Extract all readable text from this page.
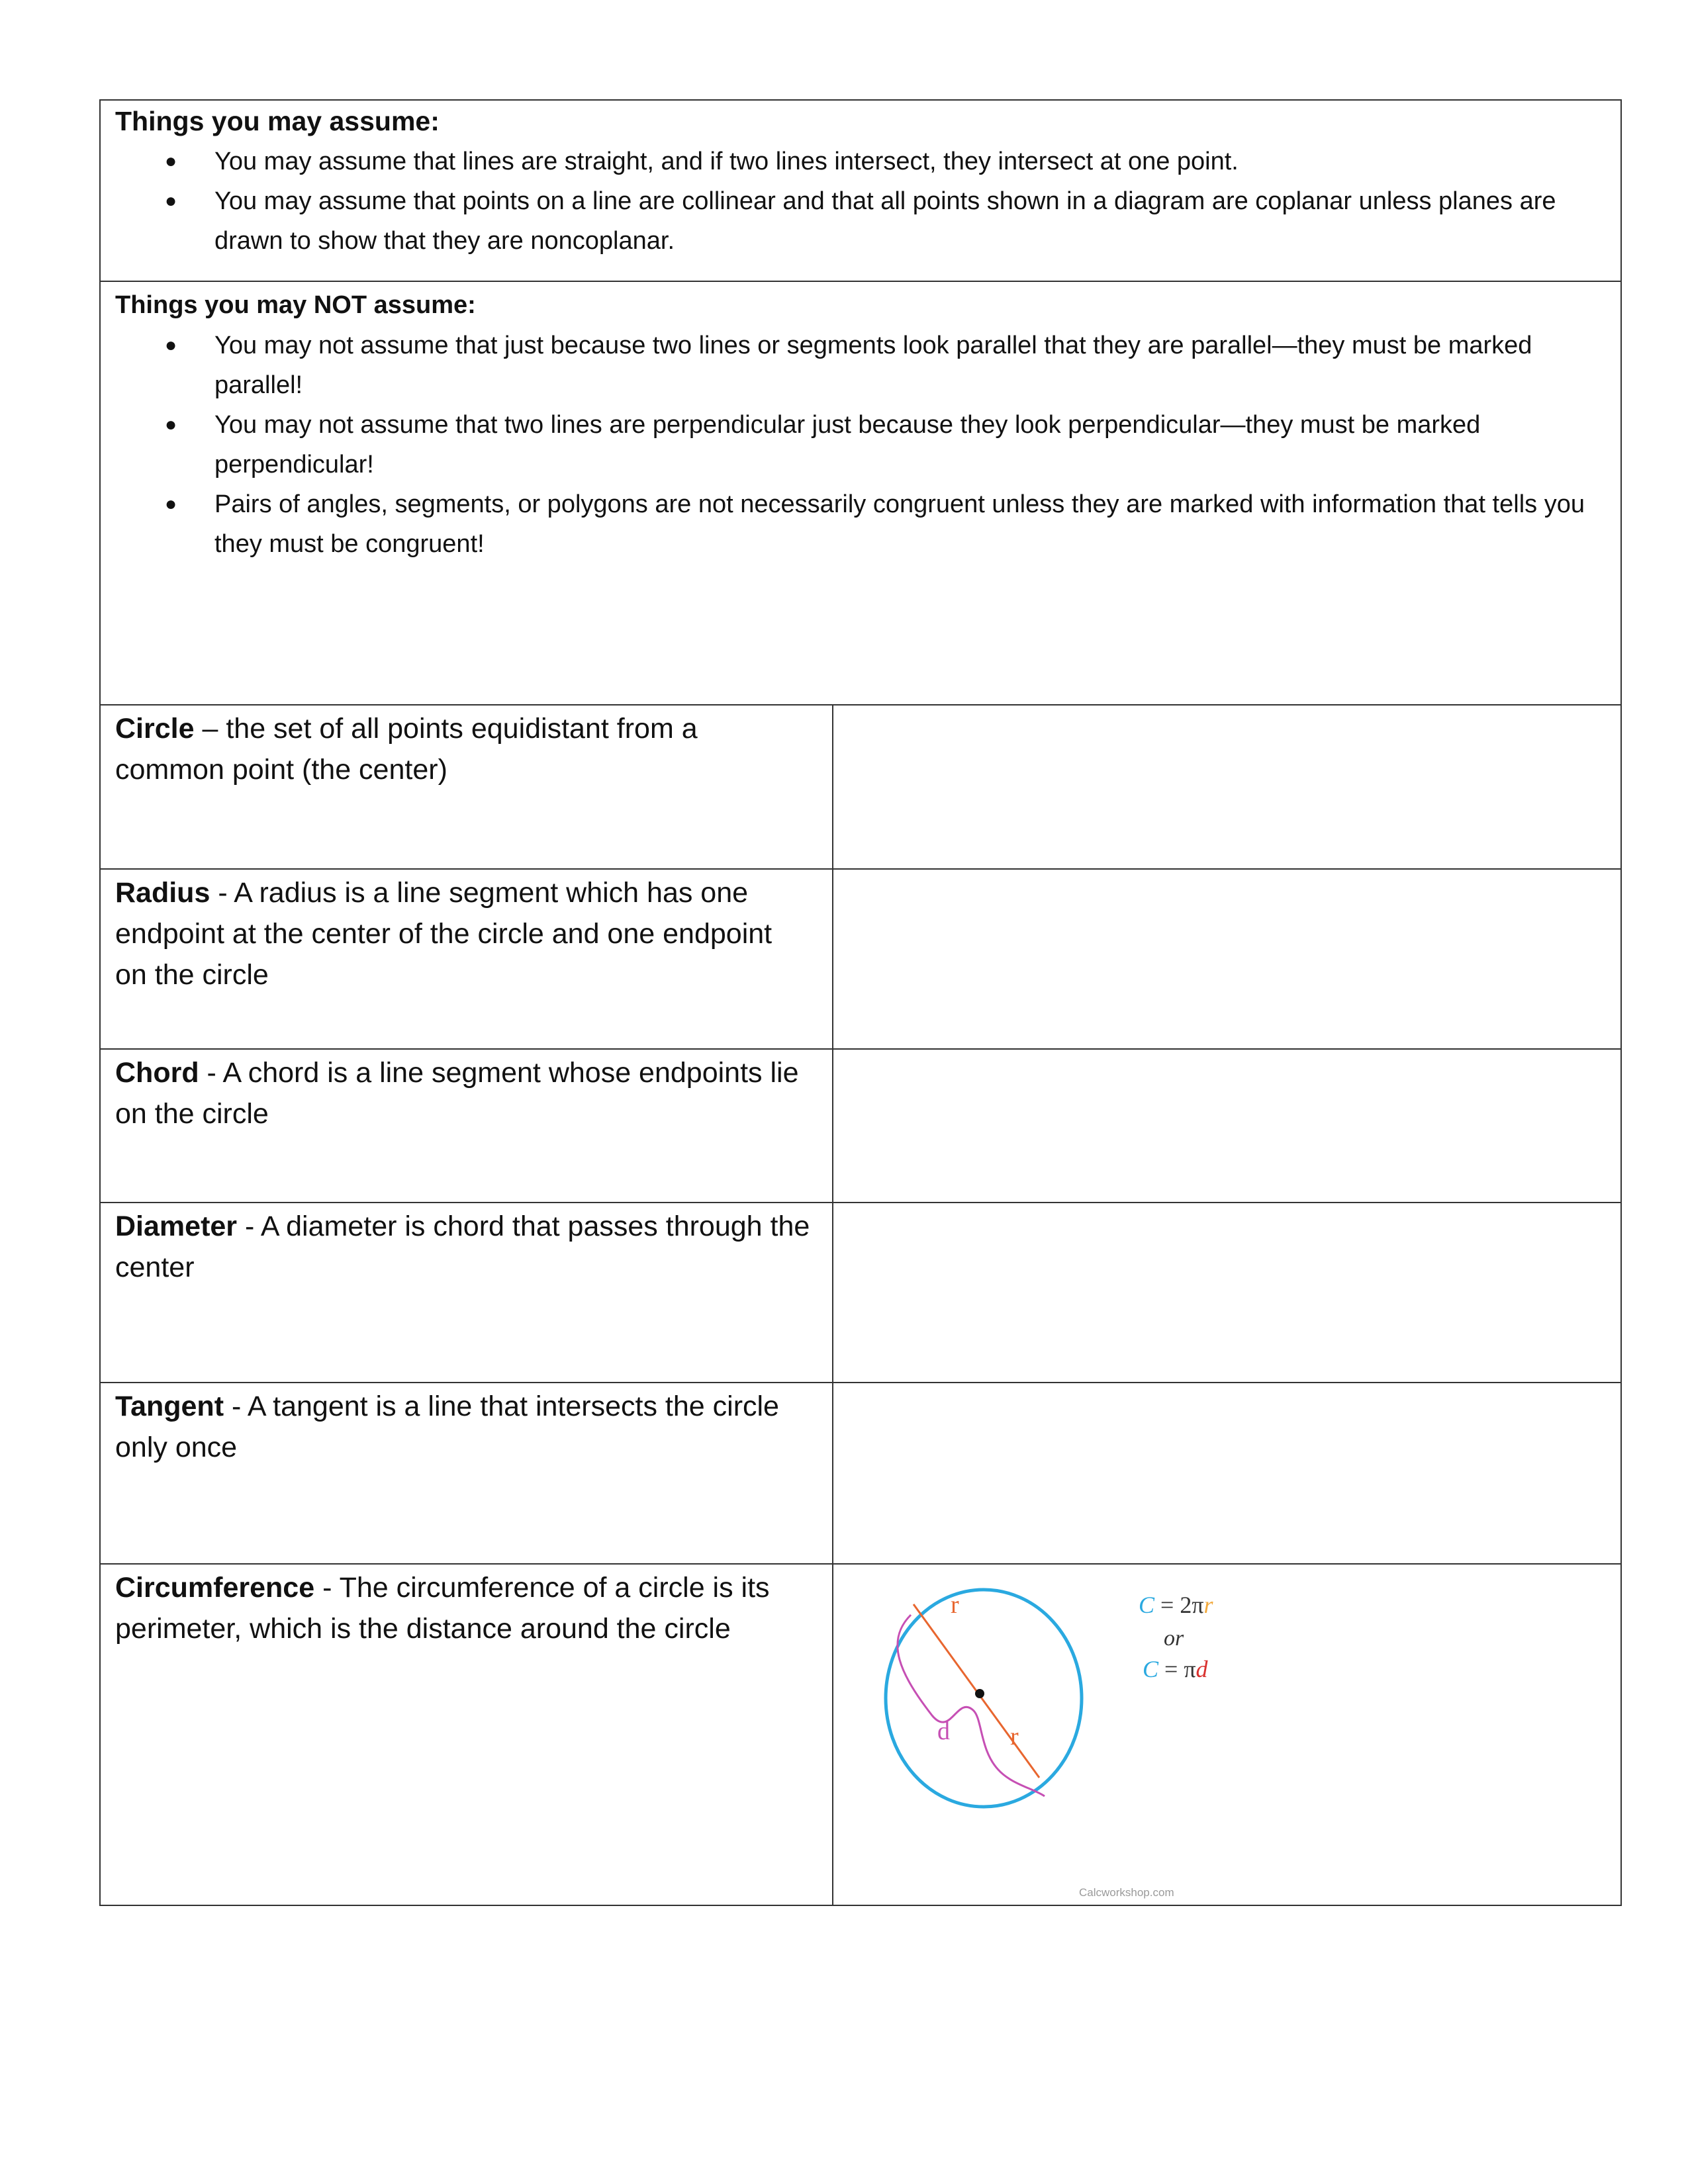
Things you may assume:
● You may assume that lines are straight, and if two lines intersect, they intersect at one point.
● You may assume that points on a line are collinear and that all points shown in a diagram are coplanar unless planes are drawn to show that they are noncoplanar.
Things you may NOT assume:
● You may not assume that just because two lines or segments look parallel that they are parallel—they must be marked parallel!
● You may not assume that two lines are perpendicular just because they look perpendicular—they must be marked perpendicular!
● Pairs of angles, segments, or polygons are not necessarily congruent unless they are marked with information that tells you they must be congruent!
Circle – the set of all points equidistant from a common point (the center)
Radius - A radius is a line segment which has one endpoint at the center of the circle and one endpoint on the circle
Chord - A chord is a line segment whose endpoints lie on the circle
Diameter - A diameter is chord that passes through the center
Tangent - A tangent is a line that intersects the circle only once
Circumference - The circumference of a circle is its perimeter, which is the distance around the circle
r
r
d
C = 2πr
or
C = πd
Calcworkshop.com
